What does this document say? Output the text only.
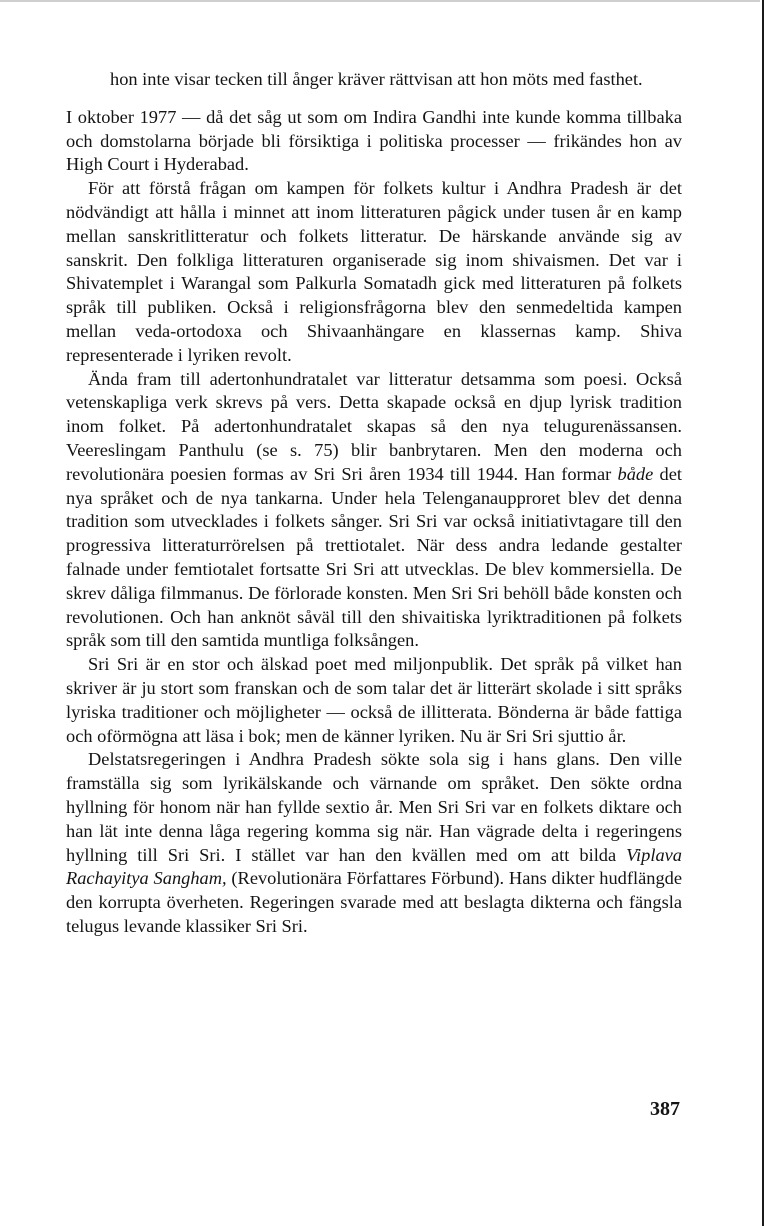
hon inte visar tecken till ånger kräver rättvisan att hon möts med fasthet.

I oktober 1977 — då det såg ut som om Indira Gandhi inte kunde komma tillbaka och domstolarna började bli försiktiga i politiska processer — frikändes hon av High Court i Hyderabad.

För att förstå frågan om kampen för folkets kultur i Andhra Pradesh är det nödvändigt att hålla i minnet att inom litteraturen pågick under tusen år en kamp mellan sanskritlitteratur och folkets litteratur. De härskande använde sig av sanskrit. Den folkliga litteraturen organiserade sig inom shivaismen. Det var i Shivatemplet i Warangal som Palkurla Somatadh gick med litteraturen på folkets språk till publiken. Också i religionsfrågorna blev den senmedeltida kampen mellan veda-ortodoxa och Shivaanhängare en klassernas kamp. Shiva representerade i lyriken revolt.

Ända fram till adertonhundratalet var litteratur detsamma som poesi. Också vetenskapliga verk skrevs på vers. Detta skapade också en djup lyrisk tradition inom folket. På adertonhundratalet skapas så den nya telugurenässansen. Veereslingam Panthulu (se s. 75) blir banbrytaren. Men den moderna och revolutionära poesien formas av Sri Sri åren 1934 till 1944. Han formar både det nya språket och de nya tankarna. Under hela Telenganaupproret blev det denna tradition som utvecklades i folkets sånger. Sri Sri var också initiativtagare till den progressiva litteraturrörelsen på trettiotalet. När dess andra ledande gestalter falnade under femtiotalet fortsatte Sri Sri att utvecklas. De blev kommersiella. De skrev dåliga filmmanus. De förlorade konsten. Men Sri Sri behöll både konsten och revolutionen. Och han anknöt såväl till den shivaitiska lyriktraditionen på folkets språk som till den samtida muntliga folksången.

Sri Sri är en stor och älskad poet med miljonpublik. Det språk på vilket han skriver är ju stort som franskan och de som talar det är litterärt skolade i sitt språks lyriska traditioner och möjligheter — också de illitterata. Bönderna är både fattiga och oförmögna att läsa i bok; men de känner lyriken. Nu är Sri Sri sjuttio år.

Delstatsregeringen i Andhra Pradesh sökte sola sig i hans glans. Den ville framställa sig som lyrikälskande och värnande om språket. Den sökte ordna hyllning för honom när han fyllde sextio år. Men Sri Sri var en folkets diktare och han lät inte denna låga regering komma sig när. Han vägrade delta i regeringens hyllning till Sri Sri. I stället var han den kvällen med om att bilda Viplava Rachayitya Sangham, (Revolutionära Författares Förbund). Hans dikter hudflängde den korrupta överheten. Regeringen svarade med att beslagta dikterna och fängsla telugus levande klassiker Sri Sri.

387
